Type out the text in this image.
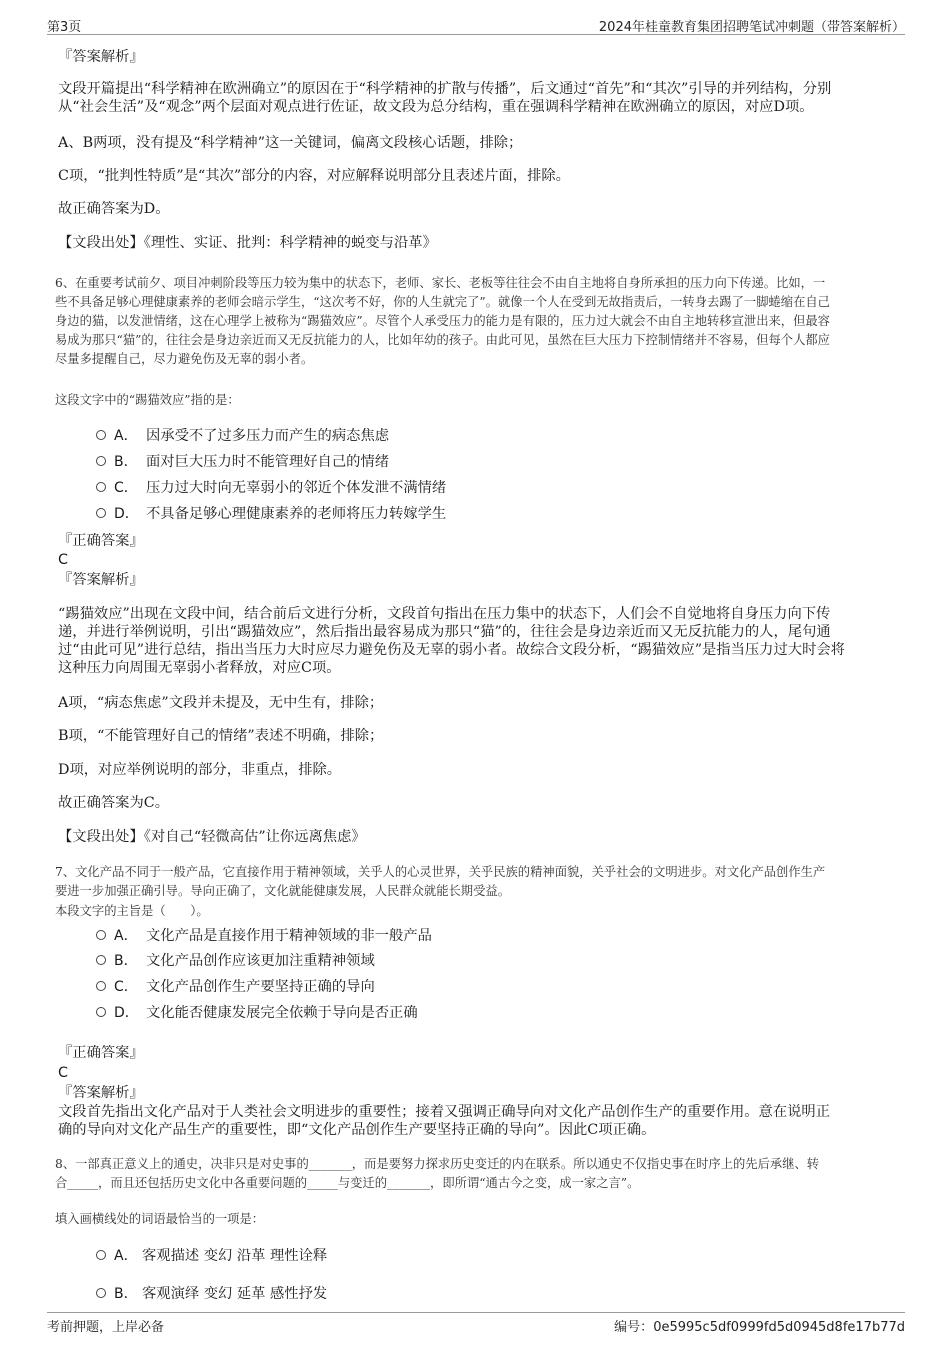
第3页	2024年桂童教育集团招聘笔试冲刺题（带答案解析）
『答案解析』
文段开篇提出“科学精神在欧洲确立”的原因在于“科学精神的扩散与传播”，后文通过“首先”和“其次”引导的并列结构，分别
从“社会生活”及“观念”两个层面对观点进行佐证，故文段为总分结构，重在强调科学精神在欧洲确立的原因，对应D项。
A、B两项，没有提及“科学精神”这一关键词，偏离文段核心话题，排除；
C项，“批判性特质”是“其次”部分的内容，对应解释说明部分且表述片面，排除。
故正确答案为D。
【文段出处】《理性、实证、批判：科学精神的蜕变与沿革》
6、在重要考试前夕、项目冲刺阶段等压力较为集中的状态下，老师、家长、老板等往往会不由自主地将自身所承担的压力向下传递。比如，一
些不具备足够心理健康素养的老师会暗示学生，“这次考不好，你的人生就完了”。就像一个人在受到无故指责后，一转身去踢了一脚蜷缩在自己
身边的猫，以发泄情绪，这在心理学上被称为“踢猫效应”。尽管个人承受压力的能力是有限的，压力过大就会不由自主地转移宣泄出来，但最容
易成为那只“猫”的，往往会是身边亲近而又无反抗能力的人，比如年幼的孩子。由此可见，虽然在巨大压力下控制情绪并不容易，但每个人都应
尽量多提醒自己，尽力避免伤及无辜的弱小者。
这段文字中的“踢猫效应”指的是：
A． 因承受不了过多压力而产生的病态焦虑
B． 面对巨大压力时不能管理好自己的情绪
C． 压力过大时向无辜弱小的邻近个体发泄不满情绪
D． 不具备足够心理健康素养的老师将压力转嫁学生
『正确答案』
C
『答案解析』
“踢猫效应”出现在文段中间，结合前后文进行分析，文段首句指出在压力集中的状态下，人们会不自觉地将自身压力向下传
递，并进行举例说明，引出“踢猫效应”，然后指出最容易成为那只“猫”的，往往会是身边亲近而又无反抗能力的人，尾句通
过“由此可见”进行总结，指出当压力大时应尽力避免伤及无辜的弱小者。故综合文段分析，“踢猫效应”是指当压力过大时会将
这种压力向周围无辜弱小者释放，对应C项。
A项，“病态焦虑”文段并未提及，无中生有，排除；
B项，“不能管理好自己的情绪”表述不明确，排除；
D项，对应举例说明的部分，非重点，排除。
故正确答案为C。
【文段出处】《对自己“轻微高估”让你远离焦虑》
7、文化产品不同于一般产品，它直接作用于精神领域，关乎人的心灵世界，关乎民族的精神面貌，关乎社会的文明进步。对文化产品创作生产
要进一步加强正确引导。导向正确了，文化就能健康发展，人民群众就能长期受益。
本段文字的主旨是（　　）。
A． 文化产品是直接作用于精神领域的非一般产品
B． 文化产品创作应该更加注重精神领域
C． 文化产品创作生产要坚持正确的导向
D． 文化能否健康发展完全依赖于导向是否正确
『正确答案』
C
『答案解析』
文段首先指出文化产品对于人类社会文明进步的重要性；接着又强调正确导向对文化产品创作生产的重要作用。意在说明正
确的导向对文化产品生产的重要性，即“文化产品创作生产要坚持正确的导向”。因此C项正确。
8、一部真正意义上的通史，决非只是对史事的_______，而是要努力探求历史变迁的内在联系。所以通史不仅指史事在时序上的先后承继、转
合_____，而且还包括历史文化中各重要问题的_____与变迁的_______，即所谓“通古今之变，成一家之言”。
填入画横线处的词语最恰当的一项是：
A． 客观描述 变幻 沿革 理性诠释
B． 客观演绎 变幻 延革 感性抒发
考前押题，上岸必备	编号：0e5995c5df0999fd5d0945d8fe17b77d
